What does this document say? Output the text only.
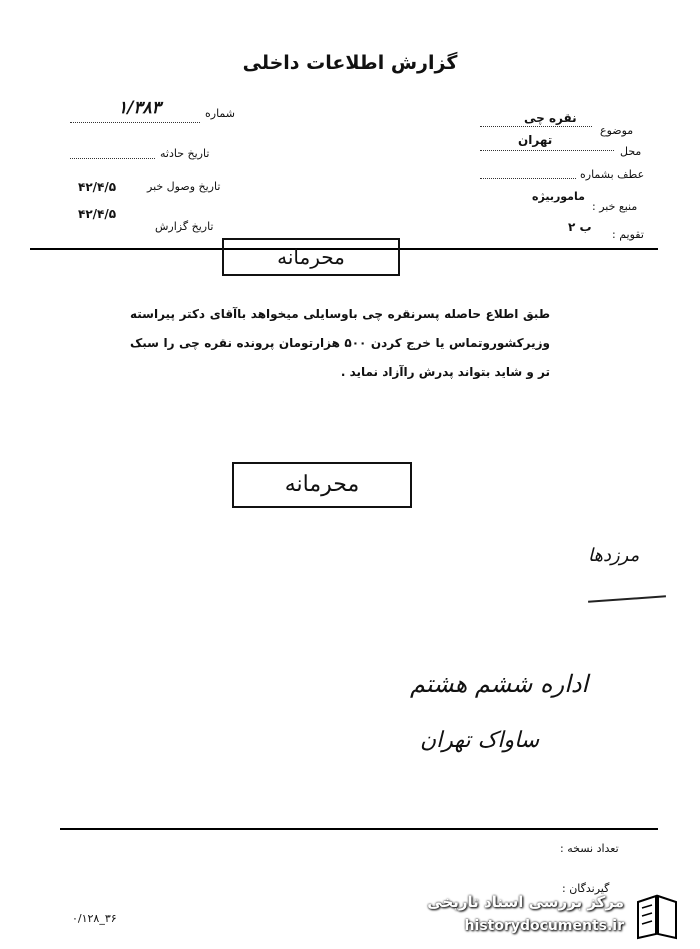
گزارش اطلاعات داخلی
شماره
۱/۳۸۳
تاریخ حادثه
تاریخ وصول خبر
۴۲/۴/۵
۴۲/۴/۵
تاریخ گزارش
موضوع
نقره چی
محل
تهران
عطف بشماره
منبع خبر :
ماموربیژه
تقویم :
ب ۲
محرمانه
طبق اطلاع حاصله پسرنقره چی باوسایلی میخواهد باآقای دکتر پیراسته وزیرکشوروتماس یا خرج کردن ۵۰۰ هزارتومان پرونده نقره چی را سبک تر و شاید بتواند پدرش راآزاد نماید .
محرمانه
مرزدها
اداره ششم هشتم
ساواک تهران
تعداد نسخه :
گیرندگان :
۰/۱۲۸_۳۶
مرکز بررسی اسناد تاریخی
historydocuments.ir
